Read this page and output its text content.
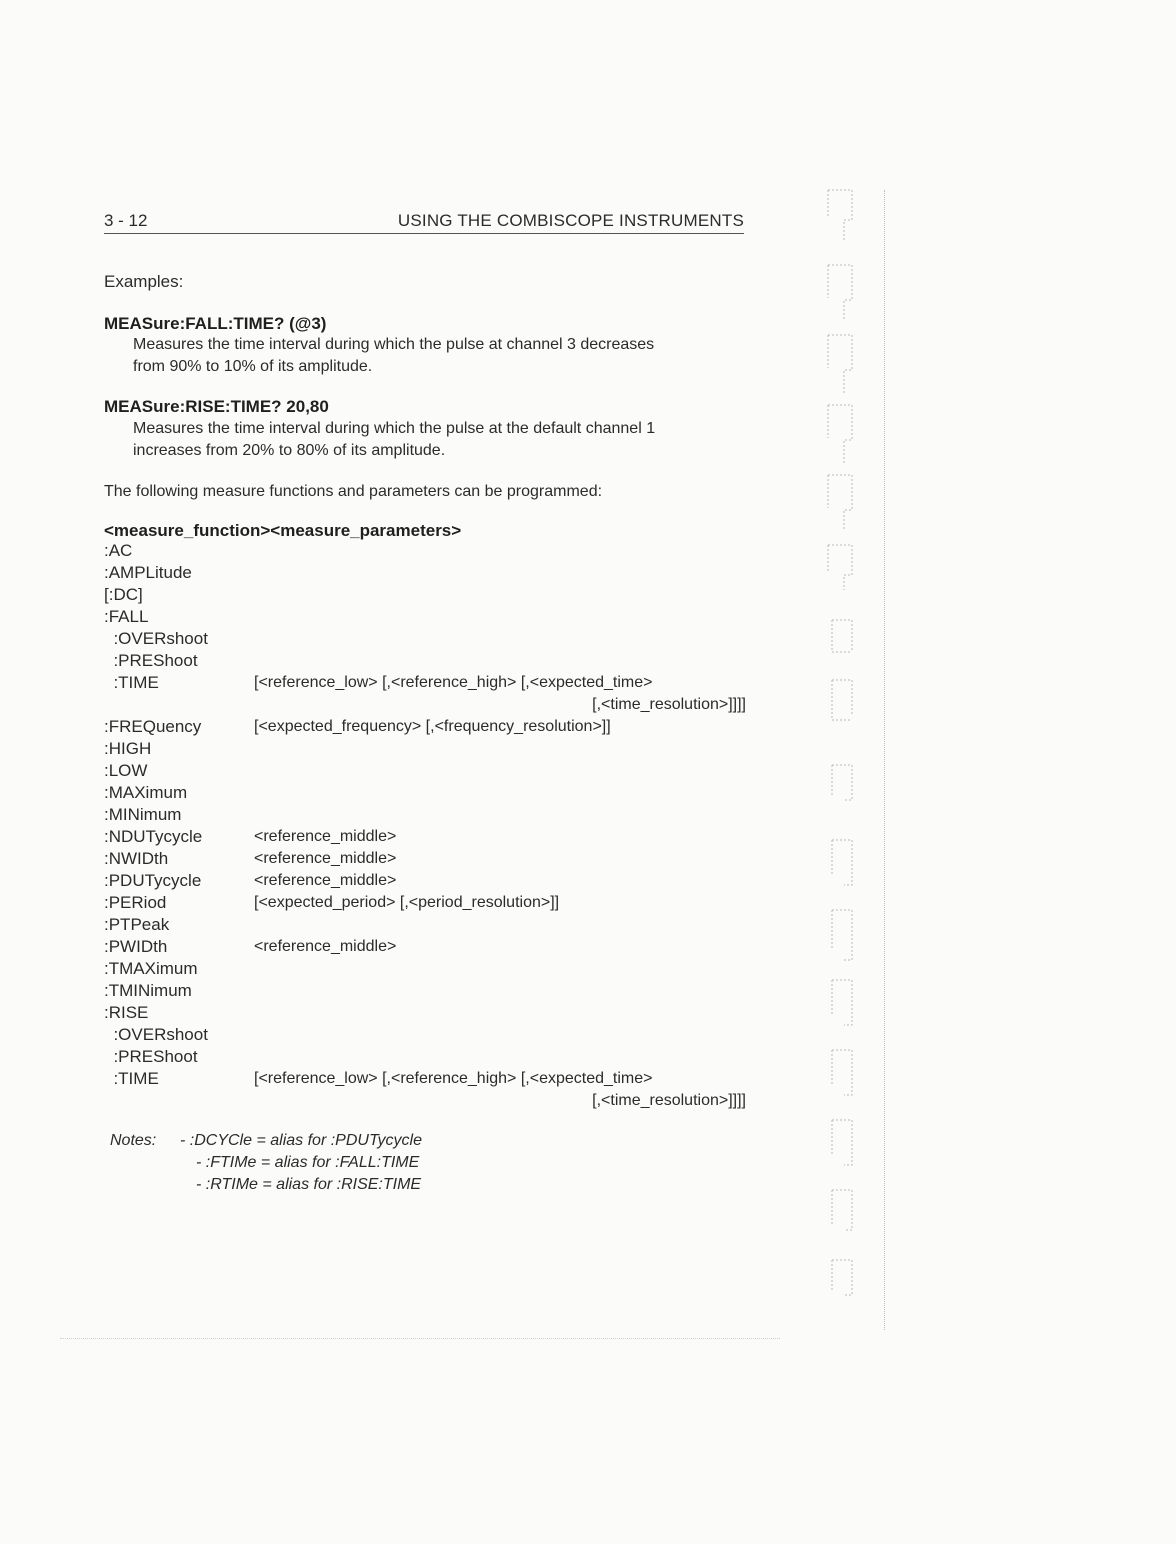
3 - 12	USING THE COMBISCOPE INSTRUMENTS
Examples:
MEASure:FALL:TIME? (@3)
Measures the time interval during which the pulse at channel 3 decreases
from 90% to 10% of its amplitude.
MEASure:RISE:TIME? 20,80
Measures the time interval during which the pulse at the default channel 1
increases from 20% to 80% of its amplitude.
The following measure functions and parameters can be programmed:
<measure_function><measure_parameters>
:AC
:AMPLitude
[:DC]
:FALL
:OVERshoot
:PREShoot
:TIME	[<reference_low> [,<reference_high> [,<expected_time>
[,<time_resolution>]]]]
:FREQuency	[<expected_frequency> [,<frequency_resolution>]]
:HIGH
:LOW
:MAXimum
:MINimum
:NDUTycycle	<reference_middle>
:NWIDth	<reference_middle>
:PDUTycycle	<reference_middle>
:PERiod	[<expected_period> [,<period_resolution>]]
:PTPeak
:PWIDth	<reference_middle>
:TMAXimum
:TMINimum
:RISE
:OVERshoot
:PREShoot
:TIME	[<reference_low> [,<reference_high> [,<expected_time>
[,<time_resolution>]]]]
Notes: - :DCYCle = alias for :PDUTycycle
- :FTIMe = alias for :FALL:TIME
- :RTIMe = alias for :RISE:TIME
